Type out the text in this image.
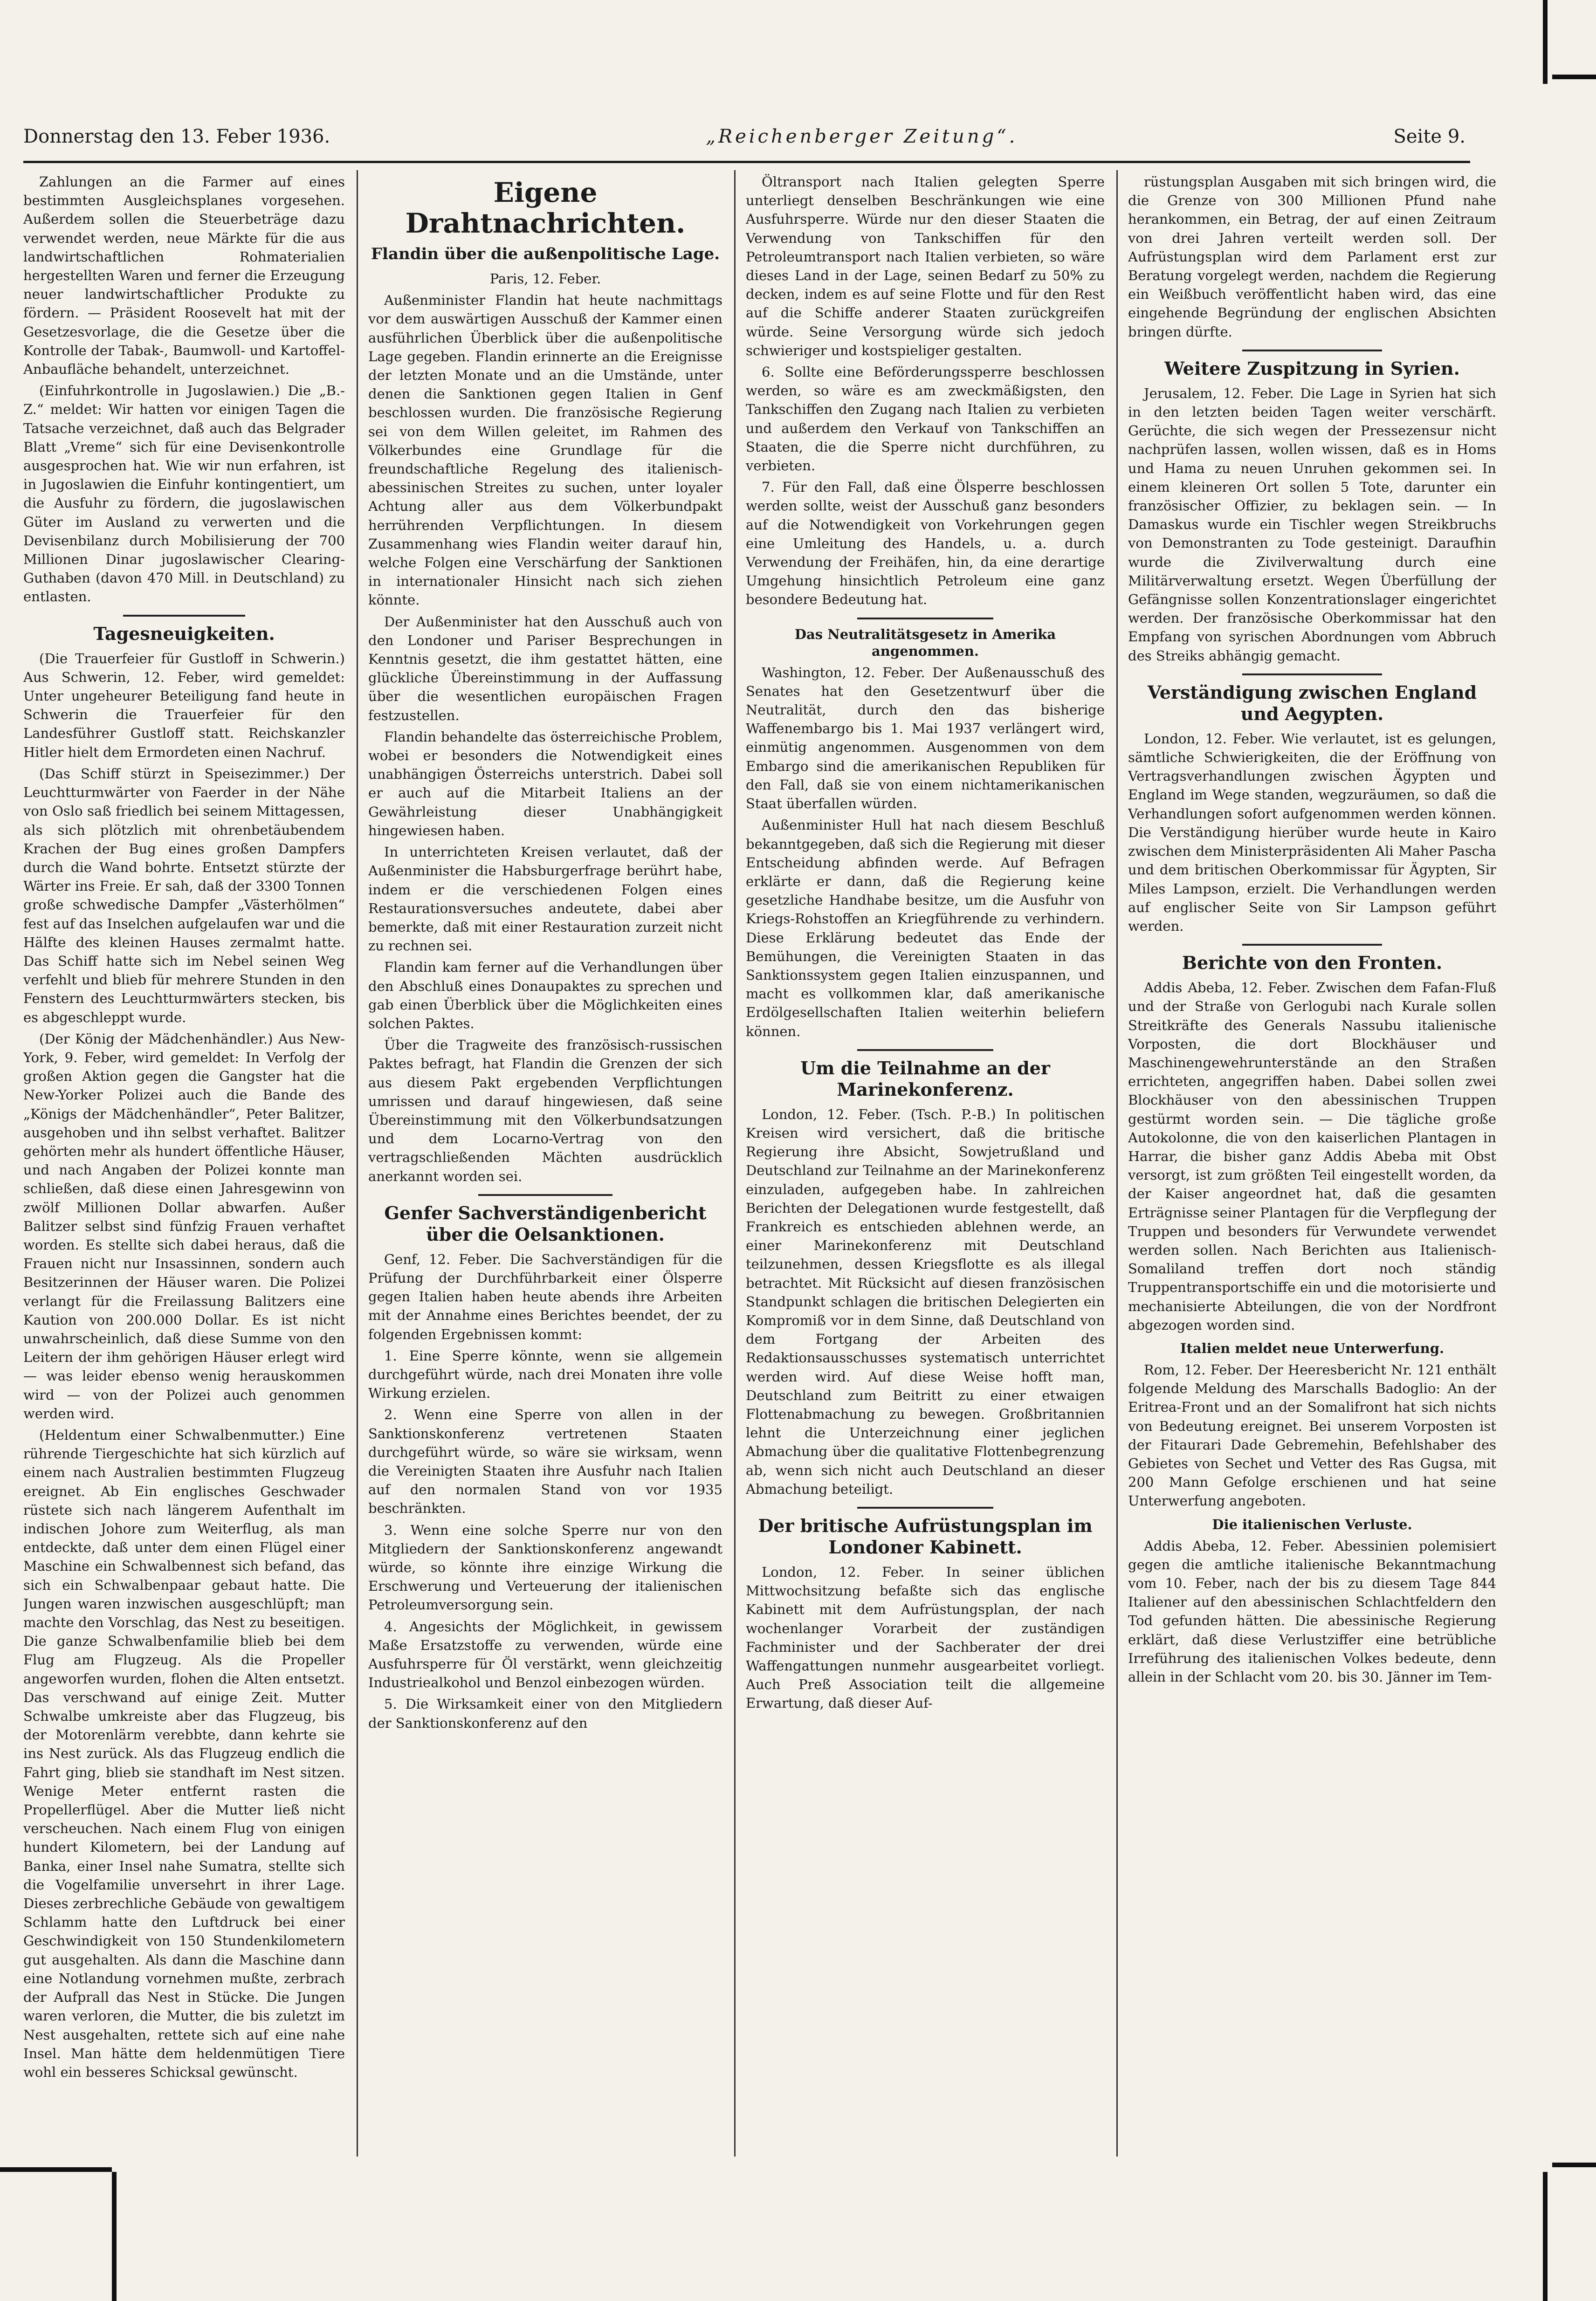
Donnerstag den 13. Feber 1936.	„Reichenberger Zeitung“.	Seite 9.

Zahlungen an die Farmer auf eines bestimmten Ausgleichsplanes vorgesehen. Außerdem sollen die Steuerbeträge dazu verwendet werden, neue Märkte für die aus landwirtschaftlichen Rohmaterialien hergestellten Waren und ferner die Erzeugung neuer landwirtschaftlicher Produkte zu fördern. — Präsident Roosevelt hat mit der Gesetzesvorlage, die die Gesetze über die Kontrolle der Tabak-, Baumwoll- und Kartoffel-Anbaufläche behandelt, unterzeichnet.

(Einfuhrkontrolle in Jugoslawien.) Die „B.-Z.“ meldet: Wir hatten vor einigen Tagen die Tatsache verzeichnet, daß auch das Belgrader Blatt „Vreme“ sich für eine Devisenkontrolle ausgesprochen hat. Wie wir nun erfahren, ist in Jugoslawien die Einfuhr kontingentiert, um die Ausfuhr zu fördern, die jugoslawischen Güter im Ausland zu verwerten und die Devisenbilanz durch Mobilisierung der 700 Millionen Dinar jugoslawischer Clearing-Guthaben (davon 470 Mill. in Deutschland) zu entlasten.

Tagesneuigkeiten.

(Die Trauerfeier für Gustloff in Schwerin.) Aus Schwerin, 12. Feber, wird gemeldet: Unter ungeheurer Beteiligung fand heute in Schwerin die Trauerfeier für den Landesführer Gustloff statt. Reichskanzler Hitler hielt dem Ermordeten einen Nachruf.

(Das Schiff stürzt in Speisezimmer.) Der Leuchtturmwärter von Faerder in der Nähe von Oslo saß friedlich bei seinem Mittagessen, als sich plötzlich mit ohrenbetäubendem Krachen der Bug eines großen Dampfers durch die Wand bohrte. Entsetzt stürzte der Wärter ins Freie. Er sah, daß der 3300 Tonnen große schwedische Dampfer „Västerhölmen“ fest auf das Inselchen aufgelaufen war und die Hälfte des kleinen Hauses zermalmt hatte. Das Schiff hatte sich im Nebel seinen Weg verfehlt und blieb für mehrere Stunden in den Fenstern des Leuchtturmwärters stecken, bis es abgeschleppt wurde.

(Der König der Mädchenhändler.) Aus New-York, 9. Feber, wird gemeldet: In Verfolg der großen Aktion gegen die Gangster hat die New-Yorker Polizei auch die Bande des „Königs der Mädchenhändler“, Peter Balitzer, ausgehoben und ihn selbst verhaftet. Balitzer gehörten mehr als hundert öffentliche Häuser, und nach Angaben der Polizei konnte man schließen, daß diese einen Jahresgewinn von zwölf Millionen Dollar abwarfen. Außer Balitzer selbst sind fünfzig Frauen verhaftet worden. Es stellte sich dabei heraus, daß die Frauen nicht nur Insassinnen, sondern auch Besitzerinnen der Häuser waren. Die Polizei verlangt für die Freilassung Balitzers eine Kaution von 200.000 Dollar. Es ist nicht unwahrscheinlich, daß diese Summe von den Leitern der ihm gehörigen Häuser erlegt wird — was leider ebenso wenig herauskommen wird — von der Polizei auch genommen werden wird.

(Heldentum einer Schwalbenmutter.) Eine rührende Tiergeschichte hat sich kürzlich auf einem nach Australien bestimmten Flugzeug ereignet. Ab Ein englisches Geschwader rüstete sich nach längerem Aufenthalt im indischen Johore zum Weiterflug, als man entdeckte, daß unter dem einen Flügel einer Maschine ein Schwalbennest sich befand, das sich ein Schwalbenpaar gebaut hatte. Die Jungen waren inzwischen ausgeschlüpft; man machte den Vorschlag, das Nest zu beseitigen. Die ganze Schwalbenfamilie blieb bei dem Flug am Flugzeug. Als die Propeller angeworfen wurden, flohen die Alten entsetzt. Das verschwand auf einige Zeit. Mutter Schwalbe umkreiste aber das Flugzeug, bis der Motorenlärm verebbte, dann kehrte sie ins Nest zurück. Als das Flugzeug endlich die Fahrt ging, blieb sie standhaft im Nest sitzen. Wenige Meter entfernt rasten die Propellerflügel. Aber die Mutter ließ nicht verscheuchen. Nach einem Flug von einigen hundert Kilometern, bei der Landung auf Banka, einer Insel nahe Sumatra, stellte sich die Vogelfamilie unversehrt in ihrer Lage. Dieses zerbrechliche Gebäude von gewaltigem Schlamm hatte den Luftdruck bei einer Geschwindigkeit von 150 Stundenkilometern gut ausgehalten. Als dann die Maschine dann eine Notlandung vornehmen mußte, zerbrach der Aufprall das Nest in Stücke. Die Jungen waren verloren, die Mutter, die bis zuletzt im Nest ausgehalten, rettete sich auf eine nahe Insel. Man hätte dem heldenmütigen Tiere wohl ein besseres Schicksal gewünscht.

Eigene Drahtnachrichten.
Flandin über die außenpolitische Lage.

Paris, 12. Feber.

Außenminister Flandin hat heute nachmittags vor dem auswärtigen Ausschuß der Kammer einen ausführlichen Überblick über die außenpolitische Lage gegeben. Flandin erinnerte an die Ereignisse der letzten Monate und an die Umstände, unter denen die Sanktionen gegen Italien in Genf beschlossen wurden. Die französische Regierung sei von dem Willen geleitet, im Rahmen des Völkerbundes eine Grundlage für die freundschaftliche Regelung des italienisch-abessinischen Streites zu suchen, unter loyaler Achtung aller aus dem Völkerbundpakt herrührenden Verpflichtungen. In diesem Zusammenhang wies Flandin weiter darauf hin, welche Folgen eine Verschärfung der Sanktionen in internationaler Hinsicht nach sich ziehen könnte.

Der Außenminister hat den Ausschuß auch von den Londoner und Pariser Besprechungen in Kenntnis gesetzt, die ihm gestattet hätten, eine glückliche Übereinstimmung in der Auffassung über die wesentlichen europäischen Fragen festzustellen.

Flandin behandelte das österreichische Problem, wobei er besonders die Notwendigkeit eines unabhängigen Österreichs unterstrich. Dabei soll er auch auf die Mitarbeit Italiens an der Gewährleistung dieser Unabhängigkeit hingewiesen haben.

In unterrichteten Kreisen verlautet, daß der Außenminister die Habsburgerfrage berührt habe, indem er die verschiedenen Folgen eines Restaurationsversuches andeutete, dabei aber bemerkte, daß mit einer Restauration zurzeit nicht zu rechnen sei.

Flandin kam ferner auf die Verhandlungen über den Abschluß eines Donaupaktes zu sprechen und gab einen Überblick über die Möglichkeiten eines solchen Paktes.

Über die Tragweite des französisch-russischen Paktes befragt, hat Flandin die Grenzen der sich aus diesem Pakt ergebenden Verpflichtungen umrissen und darauf hingewiesen, daß seine Übereinstimmung mit den Völkerbundsatzungen und dem Locarno-Vertrag von den vertragschließenden Mächten ausdrücklich anerkannt worden sei.

Genfer Sachverständigenbericht über die Oelsanktionen.

Genf, 12. Feber. Die Sachverständigen für die Prüfung der Durchführbarkeit einer Ölsperre gegen Italien haben heute abends ihre Arbeiten mit der Annahme eines Berichtes beendet, der zu folgenden Ergebnissen kommt:

1. Eine Sperre könnte, wenn sie allgemein durchgeführt würde, nach drei Monaten ihre volle Wirkung erzielen.

2. Wenn eine Sperre von allen in der Sanktionskonferenz vertretenen Staaten durchgeführt würde, so wäre sie wirksam, wenn die Vereinigten Staaten ihre Ausfuhr nach Italien auf den normalen Stand von vor 1935 beschränkten.

3. Wenn eine solche Sperre nur von den Mitgliedern der Sanktionskonferenz angewandt würde, so könnte ihre einzige Wirkung die Erschwerung und Verteuerung der italienischen Petroleumversorgung sein.

4. Angesichts der Möglichkeit, in gewissem Maße Ersatzstoffe zu verwenden, würde eine Ausfuhrsperre für Öl verstärkt, wenn gleichzeitig Industriealkohol und Benzol einbezogen würden.

5. Die Wirksamkeit einer von den Mitgliedern der Sanktionskonferenz auf den

Öltransport nach Italien gelegten Sperre unterliegt denselben Beschränkungen wie eine Ausfuhrsperre. Würde nur den dieser Staaten die Verwendung von Tankschiffen für den Petroleumtransport nach Italien verbieten, so wäre dieses Land in der Lage, seinen Bedarf zu 50% zu decken, indem es auf seine Flotte und für den Rest auf die Schiffe anderer Staaten zurückgreifen würde. Seine Versorgung würde sich jedoch schwieriger und kostspieliger gestalten.

6. Sollte eine Beförderungssperre beschlossen werden, so wäre es am zweckmäßigsten, den Tankschiffen den Zugang nach Italien zu verbieten und außerdem den Verkauf von Tankschiffen an Staaten, die die Sperre nicht durchführen, zu verbieten.

7. Für den Fall, daß eine Ölsperre beschlossen werden sollte, weist der Ausschuß ganz besonders auf die Notwendigkeit von Vorkehrungen gegen eine Umleitung des Handels, u. a. durch Verwendung der Freihäfen, hin, da eine derartige Umgehung hinsichtlich Petroleum eine ganz besondere Bedeutung hat.

Das Neutralitätsgesetz in Amerika angenommen.

Washington, 12. Feber. Der Außenausschuß des Senates hat den Gesetzentwurf über die Neutralität, durch den das bisherige Waffenembargo bis 1. Mai 1937 verlängert wird, einmütig angenommen. Ausgenommen von dem Embargo sind die amerikanischen Republiken für den Fall, daß sie von einem nichtamerikanischen Staat überfallen würden.

Außenminister Hull hat nach diesem Beschluß bekanntgegeben, daß sich die Regierung mit dieser Entscheidung abfinden werde. Auf Befragen erklärte er dann, daß die Regierung keine gesetzliche Handhabe besitze, um die Ausfuhr von Kriegs-Rohstoffen an Kriegführende zu verhindern. Diese Erklärung bedeutet das Ende der Bemühungen, die Vereinigten Staaten in das Sanktionssystem gegen Italien einzuspannen, und macht es vollkommen klar, daß amerikanische Erdölgesellschaften Italien weiterhin beliefern können.

Um die Teilnahme an der Marinekonferenz.

London, 12. Feber. (Tsch. P.-B.) In politischen Kreisen wird versichert, daß die britische Regierung ihre Absicht, Sowjetrußland und Deutschland zur Teilnahme an der Marinekonferenz einzuladen, aufgegeben habe. In zahlreichen Berichten der Delegationen wurde festgestellt, daß Frankreich es entschieden ablehnen werde, an einer Marinekonferenz mit Deutschland teilzunehmen, dessen Kriegsflotte es als illegal betrachtet. Mit Rücksicht auf diesen französischen Standpunkt schlagen die britischen Delegierten ein Kompromiß vor in dem Sinne, daß Deutschland von dem Fortgang der Arbeiten des Redaktionsausschusses systematisch unterrichtet werden wird. Auf diese Weise hofft man, Deutschland zum Beitritt zu einer etwaigen Flottenabmachung zu bewegen. Großbritannien lehnt die Unterzeichnung einer jeglichen Abmachung über die qualitative Flottenbegrenzung ab, wenn sich nicht auch Deutschland an dieser Abmachung beteiligt.

Der britische Aufrüstungsplan im Londoner Kabinett.

London, 12. Feber. In seiner üblichen Mittwochsitzung befaßte sich das englische Kabinett mit dem Aufrüstungsplan, der nach wochenlanger Vorarbeit der zuständigen Fachminister und der Sachberater der drei Waffengattungen nunmehr ausgearbeitet vorliegt. Auch Preß Association teilt die allgemeine Erwartung, daß dieser Auf-

rüstungsplan Ausgaben mit sich bringen wird, die die Grenze von 300 Millionen Pfund nahe herankommen, ein Betrag, der auf einen Zeitraum von drei Jahren verteilt werden soll. Der Aufrüstungsplan wird dem Parlament erst zur Beratung vorgelegt werden, nachdem die Regierung ein Weißbuch veröffentlicht haben wird, das eine eingehende Begründung der englischen Absichten bringen dürfte.

Weitere Zuspitzung in Syrien.

Jerusalem, 12. Feber. Die Lage in Syrien hat sich in den letzten beiden Tagen weiter verschärft. Gerüchte, die sich wegen der Pressezensur nicht nachprüfen lassen, wollen wissen, daß es in Homs und Hama zu neuen Unruhen gekommen sei. In einem kleineren Ort sollen 5 Tote, darunter ein französischer Offizier, zu beklagen sein. — In Damaskus wurde ein Tischler wegen Streikbruchs von Demonstranten zu Tode gesteinigt. Daraufhin wurde die Zivilverwaltung durch eine Militärverwaltung ersetzt. Wegen Überfüllung der Gefängnisse sollen Konzentrationslager eingerichtet werden. Der französische Oberkommissar hat den Empfang von syrischen Abordnungen vom Abbruch des Streiks abhängig gemacht.

Verständigung zwischen England und Aegypten.

London, 12. Feber. Wie verlautet, ist es gelungen, sämtliche Schwierigkeiten, die der Eröffnung von Vertragsverhandlungen zwischen Ägypten und England im Wege standen, wegzuräumen, so daß die Verhandlungen sofort aufgenommen werden können. Die Verständigung hierüber wurde heute in Kairo zwischen dem Ministerpräsidenten Ali Maher Pascha und dem britischen Oberkommissar für Ägypten, Sir Miles Lampson, erzielt. Die Verhandlungen werden auf englischer Seite von Sir Lampson geführt werden.

Berichte von den Fronten.

Addis Abeba, 12. Feber. Zwischen dem Fafan-Fluß und der Straße von Gerlogubi nach Kurale sollen Streitkräfte des Generals Nassubu italienische Vorposten, die dort Blockhäuser und Maschinengewehrunterstände an den Straßen errichteten, angegriffen haben. Dabei sollen zwei Blockhäuser von den abessinischen Truppen gestürmt worden sein. — Die tägliche große Autokolonne, die von den kaiserlichen Plantagen in Harrar, die bisher ganz Addis Abeba mit Obst versorgt, ist zum größten Teil eingestellt worden, da der Kaiser angeordnet hat, daß die gesamten Erträgnisse seiner Plantagen für die Verpflegung der Truppen und besonders für Verwundete verwendet werden sollen. Nach Berichten aus Italienisch-Somaliland treffen dort noch ständig Truppentransportschiffe ein und die motorisierte und mechanisierte Abteilungen, die von der Nordfront abgezogen worden sind.

Italien meldet neue Unterwerfung.

Rom, 12. Feber. Der Heeresbericht Nr. 121 enthält folgende Meldung des Marschalls Badoglio: An der Eritrea-Front und an der Somalifront hat sich nichts von Bedeutung ereignet. Bei unserem Vorposten ist der Fitaurari Dade Gebremehin, Befehlshaber des Gebietes von Sechet und Vetter des Ras Gugsa, mit 200 Mann Gefolge erschienen und hat seine Unterwerfung angeboten.

Die italienischen Verluste.

Addis Abeba, 12. Feber. Abessinien polemisiert gegen die amtliche italienische Bekanntmachung vom 10. Feber, nach der bis zu diesem Tage 844 Italiener auf den abessinischen Schlachtfeldern den Tod gefunden hätten. Die abessinische Regierung erklärt, daß diese Verlustziffer eine betrübliche Irreführung des italienischen Volkes bedeute, denn allein in der Schlacht vom 20. bis 30. Jänner im Tem-
